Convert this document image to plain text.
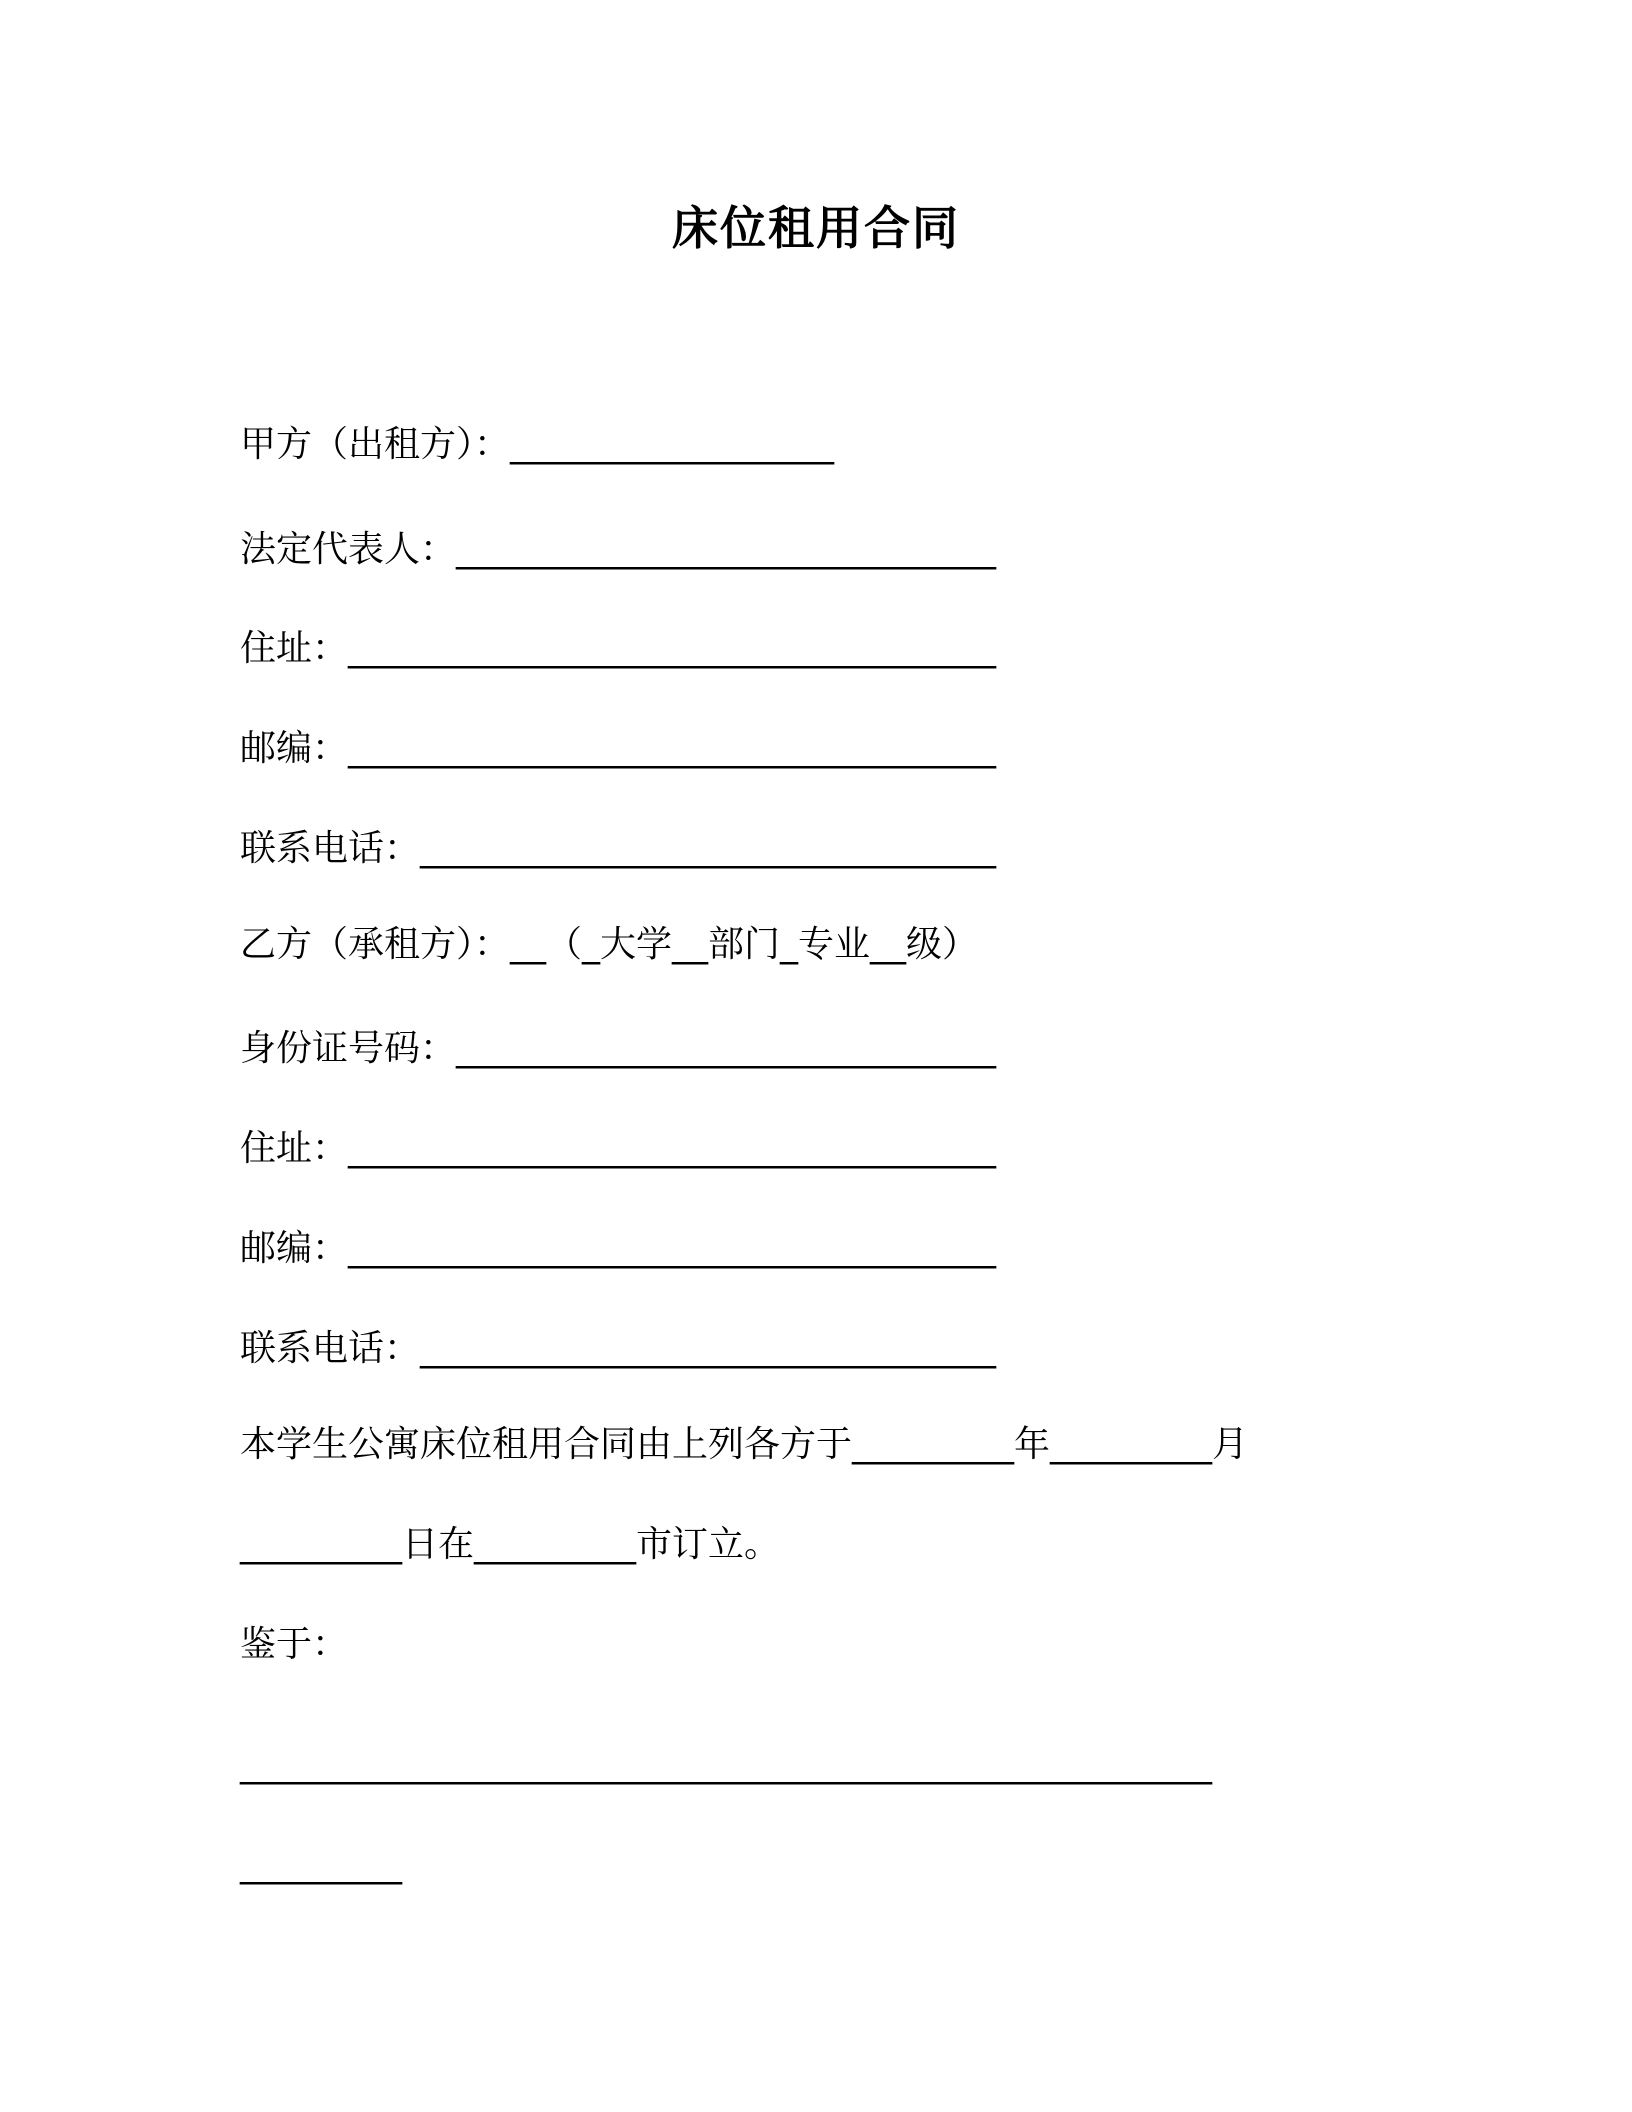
床位租用合同
甲方（出租方）：__________________
法定代表人：______________________________
住址：____________________________________
邮编：____________________________________
联系电话：________________________________
乙方（承租方）：__（_大学__部门_专业__级）
身份证号码：______________________________
住址：____________________________________
邮编：____________________________________
联系电话：________________________________
本学生公寓床位租用合同由上列各方于_________年_________月
_________日在_________市订立。
鉴于：
______________________________________________________
_________
